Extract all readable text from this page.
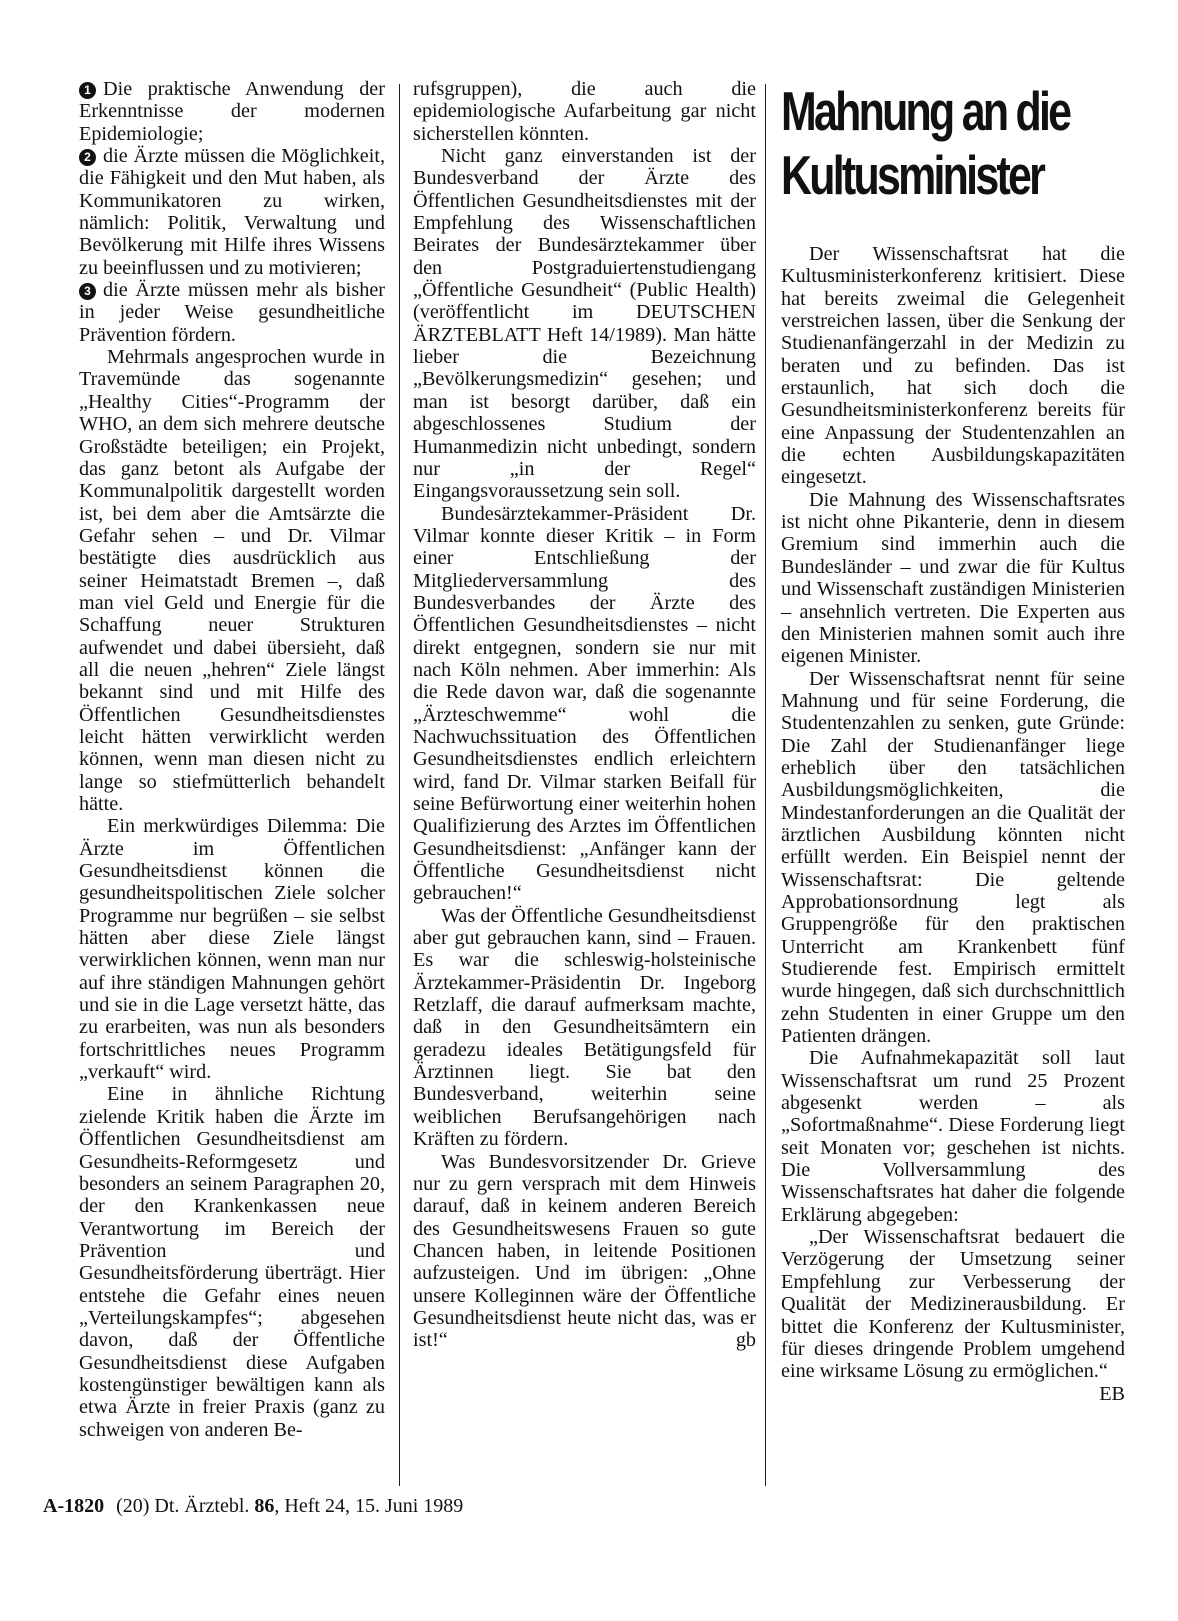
1 Die praktische Anwendung der Erkenntnisse der modernen Epidemiologie;

2 die Ärzte müssen die Möglichkeit, die Fähigkeit und den Mut haben, als Kommunikatoren zu wirken, nämlich: Politik, Verwaltung und Bevölkerung mit Hilfe ihres Wissens zu beeinflussen und zu motivieren;

3 die Ärzte müssen mehr als bisher in jeder Weise gesundheitliche Prävention fördern.

Mehrmals angesprochen wurde in Travemünde das sogenannte „Healthy Cities“-Programm der WHO, an dem sich mehrere deutsche Großstädte beteiligen; ein Projekt, das ganz betont als Aufgabe der Kommunalpolitik dargestellt worden ist, bei dem aber die Amtsärzte die Gefahr sehen – und Dr. Vilmar bestätigte dies ausdrücklich aus seiner Heimatstadt Bremen –, daß man viel Geld und Energie für die Schaffung neuer Strukturen aufwendet und dabei übersieht, daß all die neuen „hehren“ Ziele längst bekannt sind und mit Hilfe des Öffentlichen Gesundheitsdienstes leicht hätten verwirklicht werden können, wenn man diesen nicht zu lange so stiefmütterlich behandelt hätte.

Ein merkwürdiges Dilemma: Die Ärzte im Öffentlichen Gesundheitsdienst können die gesundheitspolitischen Ziele solcher Programme nur begrüßen – sie selbst hätten aber diese Ziele längst verwirklichen können, wenn man nur auf ihre ständigen Mahnungen gehört und sie in die Lage versetzt hätte, das zu erarbeiten, was nun als besonders fortschrittliches neues Programm „verkauft“ wird.

Eine in ähnliche Richtung zielende Kritik haben die Ärzte im Öffentlichen Gesundheitsdienst am Gesundheits-Reformgesetz und besonders an seinem Paragraphen 20, der den Krankenkassen neue Verantwortung im Bereich der Prävention und Gesundheitsförderung überträgt. Hier entstehe die Gefahr eines neuen „Verteilungskampfes“; abgesehen davon, daß der Öffentliche Gesundheitsdienst diese Aufgaben kostengünstiger bewältigen kann als etwa Ärzte in freier Praxis (ganz zu schweigen von anderen Be-

rufsgruppen), die auch die epidemiologische Aufarbeitung gar nicht sicherstellen könnten.

Nicht ganz einverstanden ist der Bundesverband der Ärzte des Öffentlichen Gesundheitsdienstes mit der Empfehlung des Wissenschaftlichen Beirates der Bundesärztekammer über den Postgraduiertenstudiengang „Öffentliche Gesundheit“ (Public Health) (veröffentlicht im DEUTSCHEN ÄRZTEBLATT Heft 14/1989). Man hätte lieber die Bezeichnung „Bevölkerungsmedizin“ gesehen; und man ist besorgt darüber, daß ein abgeschlossenes Studium der Humanmedizin nicht unbedingt, sondern nur „in der Regel“ Eingangsvoraussetzung sein soll.

Bundesärztekammer-Präsident Dr. Vilmar konnte dieser Kritik – in Form einer Entschließung der Mitgliederversammlung des Bundesverbandes der Ärzte des Öffentlichen Gesundheitsdienstes – nicht direkt entgegnen, sondern sie nur mit nach Köln nehmen. Aber immerhin: Als die Rede davon war, daß die sogenannte „Ärzteschwemme“ wohl die Nachwuchssituation des Öffentlichen Gesundheitsdienstes endlich erleichtern wird, fand Dr. Vilmar starken Beifall für seine Befürwortung einer weiterhin hohen Qualifizierung des Arztes im Öffentlichen Gesundheitsdienst: „Anfänger kann der Öffentliche Gesundheitsdienst nicht gebrauchen!“

Was der Öffentliche Gesundheitsdienst aber gut gebrauchen kann, sind – Frauen. Es war die schleswig-holsteinische Ärztekammer-Präsidentin Dr. Ingeborg Retzlaff, die darauf aufmerksam machte, daß in den Gesundheitsämtern ein geradezu ideales Betätigungsfeld für Ärztinnen liegt. Sie bat den Bundesverband, weiterhin seine weiblichen Berufsangehörigen nach Kräften zu fördern.

Was Bundesvorsitzender Dr. Grieve nur zu gern versprach mit dem Hinweis darauf, daß in keinem anderen Bereich des Gesundheitswesens Frauen so gute Chancen haben, in leitende Positionen aufzusteigen. Und im übrigen: „Ohne unsere Kolleginnen wäre der Öffentliche Gesundheitsdienst heute nicht das, was er ist!“	gb

Mahnung an die
Kultusminister

Der Wissenschaftsrat hat die Kultusministerkonferenz kritisiert. Diese hat bereits zweimal die Gelegenheit verstreichen lassen, über die Senkung der Studienanfängerzahl in der Medizin zu beraten und zu befinden. Das ist erstaunlich, hat sich doch die Gesundheitsministerkonferenz bereits für eine Anpassung der Studentenzahlen an die echten Ausbildungskapazitäten eingesetzt.

Die Mahnung des Wissenschaftsrates ist nicht ohne Pikanterie, denn in diesem Gremium sind immerhin auch die Bundesländer – und zwar die für Kultus und Wissenschaft zuständigen Ministerien – ansehnlich vertreten. Die Experten aus den Ministerien mahnen somit auch ihre eigenen Minister.

Der Wissenschaftsrat nennt für seine Mahnung und für seine Forderung, die Studentenzahlen zu senken, gute Gründe: Die Zahl der Studienanfänger liege erheblich über den tatsächlichen Ausbildungsmöglichkeiten, die Mindestanforderungen an die Qualität der ärztlichen Ausbildung könnten nicht erfüllt werden. Ein Beispiel nennt der Wissenschaftsrat: Die geltende Approbationsordnung legt als Gruppengröße für den praktischen Unterricht am Krankenbett fünf Studierende fest. Empirisch ermittelt wurde hingegen, daß sich durchschnittlich zehn Studenten in einer Gruppe um den Patienten drängen.

Die Aufnahmekapazität soll laut Wissenschaftsrat um rund 25 Prozent abgesenkt werden – als „Sofortmaßnahme“. Diese Forderung liegt seit Monaten vor; geschehen ist nichts. Die Vollversammlung des Wissenschaftsrates hat daher die folgende Erklärung abgegeben:

„Der Wissenschaftsrat bedauert die Verzögerung der Umsetzung seiner Empfehlung zur Verbesserung der Qualität der Medizinerausbildung. Er bittet die Konferenz der Kultusminister, für dieses dringende Problem umgehend eine wirksame Lösung zu ermöglichen.“
EB

A-1820 (20) Dt. Ärztebl. 86, Heft 24, 15. Juni 1989
